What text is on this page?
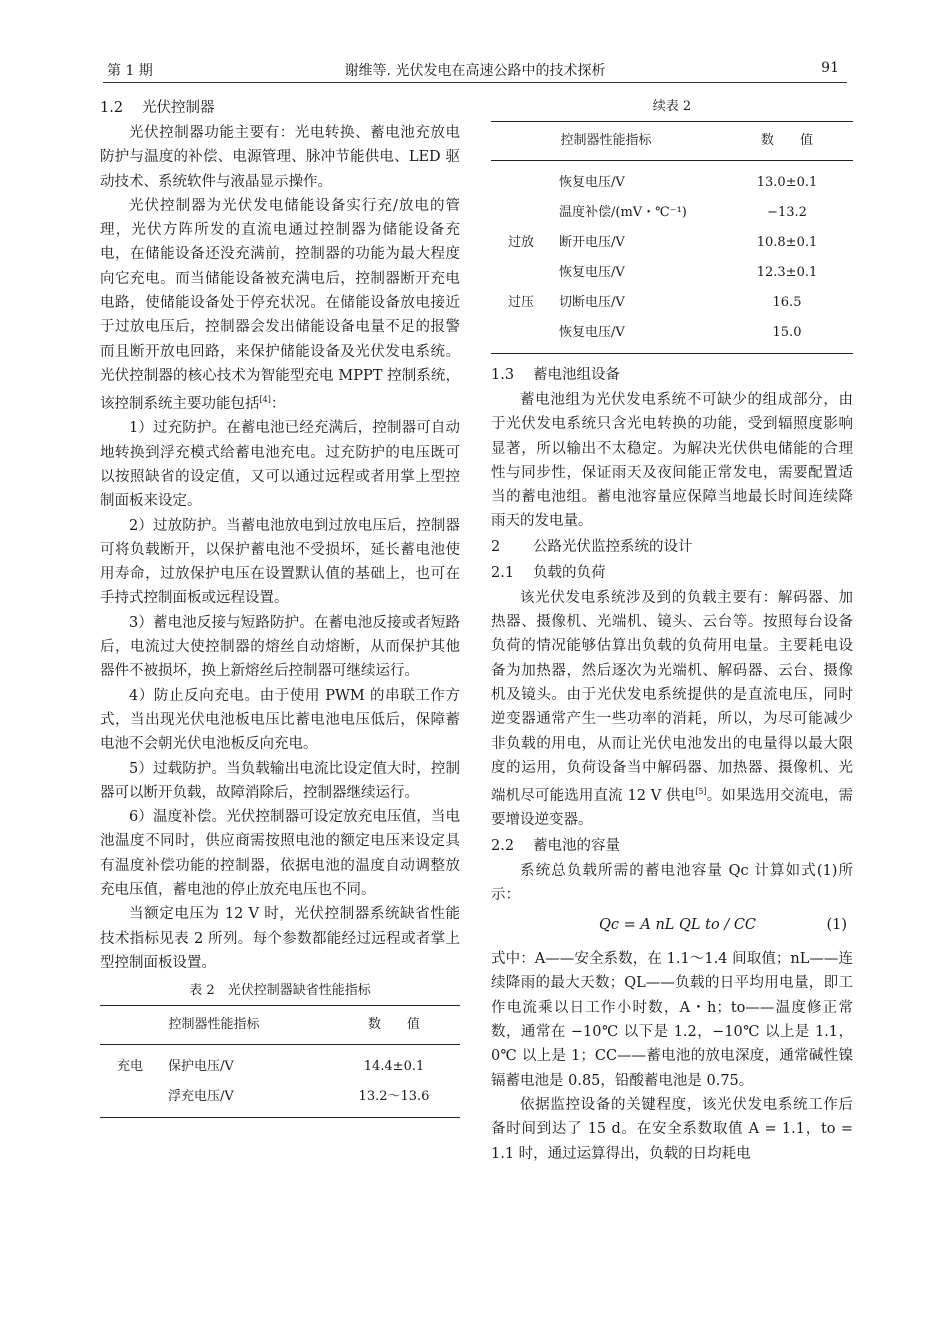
第 1 期	谢维等. 光伏发电在高速公路中的技术探析	91
1.2 光伏控制器

光伏控制器功能主要有：光电转换、蓄电池充放电防护与温度的补偿、电源管理、脉冲节能供电、LED 驱动技术、系统软件与液晶显示操作。

光伏控制器为光伏发电储能设备实行充/放电的管理，光伏方阵所发的直流电通过控制器为储能设备充电，在储能设备还没充满前，控制器的功能为最大程度向它充电。而当储能设备被充满电后，控制器断开充电电路，使储能设备处于停充状况。在储能设备放电接近于过放电压后，控制器会发出储能设备电量不足的报警而且断开放电回路，来保护储能设备及光伏发电系统。光伏控制器的核心技术为智能型充电 MPPT 控制系统，该控制系统主要功能包括[4]：

1）过充防护。在蓄电池已经充满后，控制器可自动地转换到浮充模式给蓄电池充电。过充防护的电压既可以按照缺省的设定值，又可以通过远程或者用掌上型控制面板来设定。

2）过放防护。当蓄电池放电到过放电压后，控制器可将负载断开，以保护蓄电池不受损坏，延长蓄电池使用寿命，过放保护电压在设置默认值的基础上，也可在手持式控制面板或远程设置。

3）蓄电池反接与短路防护。在蓄电池反接或者短路后，电流过大使控制器的熔丝自动熔断，从而保护其他器件不被损坏，换上新熔丝后控制器可继续运行。

4）防止反向充电。由于使用 PWM 的串联工作方式，当出现光伏电池板电压比蓄电池电压低后，保障蓄电池不会朝光伏电池板反向充电。

5）过载防护。当负载输出电流比设定值大时，控制器可以断开负载，故障消除后，控制器继续运行。

6）温度补偿。光伏控制器可设定放充电压值，当电池温度不同时，供应商需按照电池的额定电压来设定具有温度补偿功能的控制器，依据电池的温度自动调整放充电压值，蓄电池的停止放充电压也不同。

当额定电压为 12 V 时，光伏控制器系统缺省性能技术指标见表 2 所列。每个参数都能经过远程或者掌上型控制面板设置。

表 2　光伏控制器缺省性能指标
控制器性能指标		数　　值
充电	保护电压/V	14.4±0.1
	浮充电压/V	13.2～13.6
续表 2
控制器性能指标		数　　值
	恢复电压/V	13.0±0.1
	温度补偿/(mV・℃⁻¹)	−13.2
过放	断开电压/V	10.8±0.1
	恢复电压/V	12.3±0.1
过压	切断电压/V	16.5
	恢复电压/V	15.0
1.3 蓄电池组设备

蓄电池组为光伏发电系统不可缺少的组成部分，由于光伏发电系统只含光电转换的功能，受到辐照度影响显著，所以输出不太稳定。为解决光伏供电储能的合理性与同步性，保证雨天及夜间能正常发电，需要配置适当的蓄电池组。蓄电池容量应保障当地最长时间连续降雨天的发电量。

2 公路光伏监控系统的设计
2.1 负载的负荷

该光伏发电系统涉及到的负载主要有：解码器、加热器、摄像机、光端机、镜头、云台等。按照每台设备负荷的情况能够估算出负载的负荷用电量。主要耗电设备为加热器，然后逐次为光端机、解码器、云台、摄像机及镜头。由于光伏发电系统提供的是直流电压，同时逆变器通常产生一些功率的消耗，所以，为尽可能减少非负载的用电，从而让光伏电池发出的电量得以最大限度的运用，负荷设备当中解码器、加热器、摄像机、光端机尽可能选用直流 12 V 供电[5]。如果选用交流电，需要增设逆变器。

2.2 蓄电池的容量

系统总负载所需的蓄电池容量 Qc 计算如式(1)所示：

Qc = A nL QL to / CC	(1)

式中：A——安全系数，在 1.1～1.4 间取值；nL——连续降雨的最大天数；QL——负载的日平均用电量，即工作电流乘以日工作小时数，A・h；to——温度修正常数，通常在 −10℃ 以下是 1.2，−10℃ 以上是 1.1，0℃ 以上是 1；CC——蓄电池的放电深度，通常碱性镍镉蓄电池是 0.85，铅酸蓄电池是 0.75。

依据监控设备的关键程度，该光伏发电系统工作后备时间到达了 15 d。在安全系数取值 A = 1.1，to = 1.1 时，通过运算得出，负载的日均耗电
